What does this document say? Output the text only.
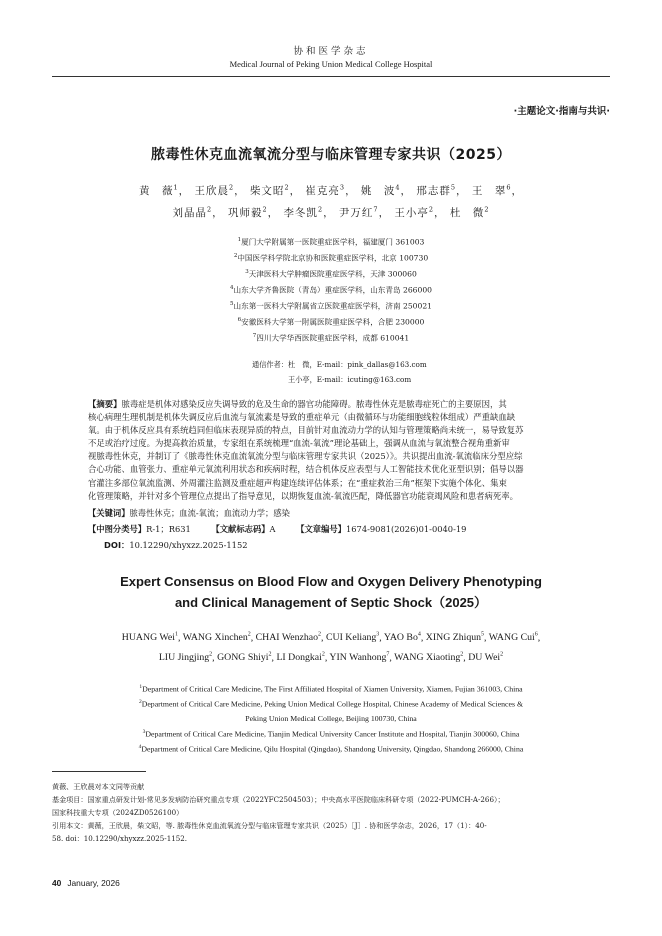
协和医学杂志
Medical Journal of Peking Union Medical College Hospital
·主题论文·指南与共识·
脓毒性休克血流氧流分型与临床管理专家共识（2025）
黄　薇$^1$， 王欣晨$^2$， 柴文昭$^2$， 崔克亮$^3$， 姚　波$^4$， 邢志群$^5$， 王　翠$^6$，
刘晶晶$^2$， 巩师毅$^2$， 李冬凯$^2$， 尹万红$^7$， 王小亭$^2$， 杜　微$^2$
$^1$厦门大学附属第一医院重症医学科，福建厦门 361003
$^2$中国医学科学院北京协和医院重症医学科，北京 100730
$^3$天津医科大学肿瘤医院重症医学科，天津 300060
$^4$山东大学齐鲁医院（青岛）重症医学科，山东青岛 266000
$^5$山东第一医科大学附属省立医院重症医学科，济南 250021
$^6$安徽医科大学第一附属医院重症医学科，合肥 230000
$^7$四川大学华西医院重症医学科，成都 610041
通信作者：杜　微，E-mail：pink_dallas@163.com
王小亭，E-mail：icuting@163.com
【摘要】脓毒症是机体对感染反应失调导致的危及生命的器官功能障碍。脓毒性休克是脓毒症死亡的主要原因，其
核心病理生理机制是机体失调反应后血流与氧流素是导致的重症单元（由微循环与功能细胞线粒体组成）严重缺血缺
氧。由于机体反应具有系统趋同但临床表现异质的特点，目前针对血流动力学的认知与管理策略尚未统一，易导致复苏
不足或治疗过度。为提高救治质量，专家组在系统梳理“血流-氧流”理论基础上，强调从血流与氧流整合视角重新审
视脓毒性休克，并制订了《脓毒性休克血流氧流分型与临床管理专家共识（2025）》。共识提出血流-氧流临床分型应综
合心功能、血管张力、重症单元氧流利用状态和疾病时程，结合机体反应表型与人工智能技术优化亚型识别；倡导以器
官灌注多部位氧流监测、外周灌注监测及重症超声构建连续评估体系；在“重症救治三角”框架下实施个体化、集束
化管理策略，并针对多个管理位点提出了指导意见，以期恢复血流-氧流匹配，降低器官功能衰竭风险和患者病死率。
【关键词】脓毒性休克；血流-氧流；血流动力学；感染
【中图分类号】R-1；R631 【文献标志码】A 【文章编号】1674-9081(2026)01-0040-19
DOI：10.12290/xhyxzz.2025-1152
Expert Consensus on Blood Flow and Oxygen Delivery Phenotyping
and Clinical Management of Septic Shock（2025）
HUANG Wei$^1$, WANG Xinchen$^2$, CHAI Wenzhao$^2$, CUI Keliang$^3$, YAO Bo$^4$, XING Zhiqun$^5$, WANG Cui$^6$,
LIU Jingjing$^2$, GONG Shiyi$^2$, LI Dongkai$^2$, YIN Wanhong$^7$, WANG Xiaoting$^2$, DU Wei$^2$
$^1$Department of Critical Care Medicine, The First Affiliated Hospital of Xiamen University, Xiamen, Fujian 361003, China
$^2$Department of Critical Care Medicine, Peking Union Medical College Hospital, Chinese Academy of Medical Sciences &
Peking Union Medical College, Beijing 100730, China
$^3$Department of Critical Care Medicine, Tianjin Medical University Cancer Institute and Hospital, Tianjin 300060, China
$^4$Department of Critical Care Medicine, Qilu Hospital (Qingdao), Shandong University, Qingdao, Shandong 266000, China
黄薇、王欣晨对本文同等贡献
基金项目：国家重点研发计划-常见多发病防治研究重点专项（2022YFC2504503）；中央高水平医院临床科研专项（2022-PUMCH-A-266）；
国家科技重大专项（2024ZD0526100）
引用本文：黄薇，王欣晨，柴文昭，等. 脓毒性休克血流氧流分型与临床管理专家共识（2025）［J］. 协和医学杂志，2026，17（1）：40-
58. doi：10.12290/xhyxzz.2025-1152.
40 January, 2026
